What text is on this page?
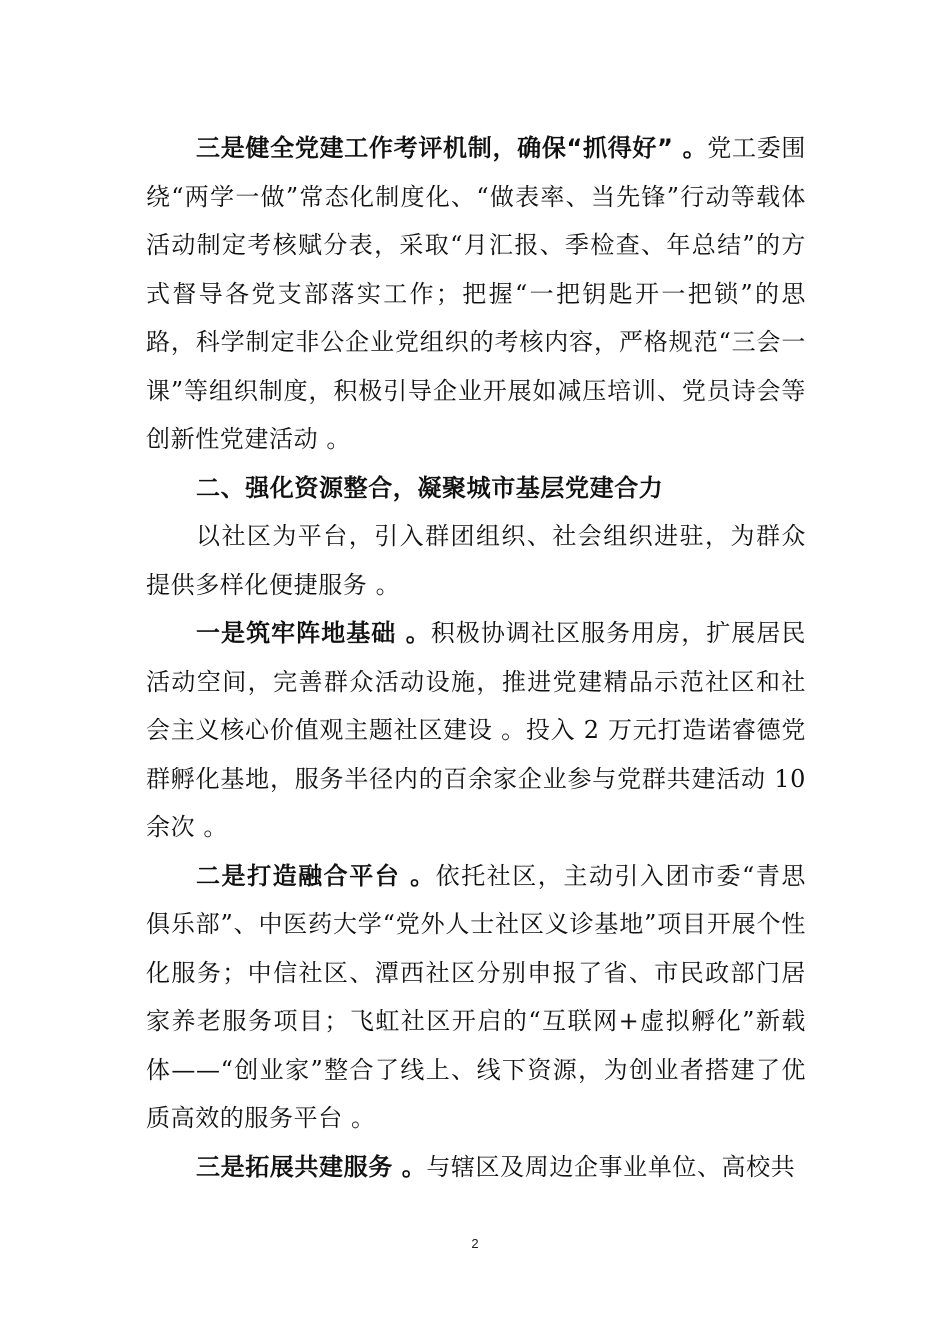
三是健全党建工作考评机制，确保“抓得好” 。党工委围绕“两学一做”常态化制度化、“做表率、当先锋”行动等载体活动制定考核赋分表，采取“月汇报、季检查、年总结”的方式督导各党支部落实工作；把握“一把钥匙开一把锁”的思路，科学制定非公企业党组织的考核内容，严格规范“三会一课”等组织制度，积极引导企业开展如减压培训、党员诗会等创新性党建活动 。

二、强化资源整合，凝聚城市基层党建合力

以社区为平台，引入群团组织、社会组织进驻，为群众提供多样化便捷服务 。

一是筑牢阵地基础 。积极协调社区服务用房，扩展居民活动空间，完善群众活动设施，推进党建精品示范社区和社会主义核心价值观主题社区建设 。投入 2 万元打造诺睿德党群孵化基地，服务半径内的百余家企业参与党群共建活动 10 余次 。

二是打造融合平台 。依托社区，主动引入团市委“青思俱乐部”、中医药大学“党外人士社区义诊基地”项目开展个性化服务；中信社区、潭西社区分别申报了省、市民政部门居家养老服务项目；飞虹社区开启的“互联网+虚拟孵化”新载体——“创业家”整合了线上、线下资源，为创业者搭建了优质高效的服务平台 。

三是拓展共建服务 。与辖区及周边企事业单位、高校共

2
